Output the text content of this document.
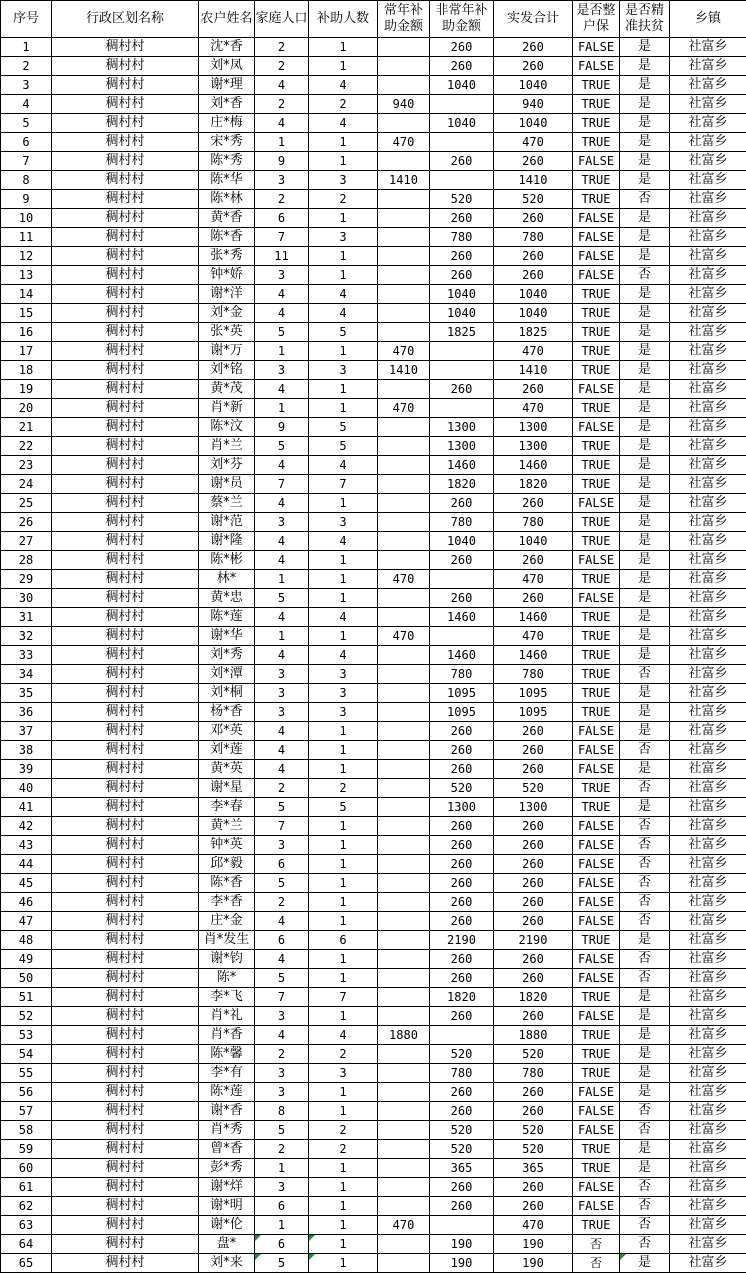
序号	行政区划名称	农户姓名	家庭人口	补助人数	常年补助金额	非常年补助金额	实发合计	是否整户保	是否精准扶贫	乡镇
1	稠村村	沈*香	2	1		260	260	FALSE	是	社富乡
2	稠村村	刘*凤	2	1		260	260	FALSE	是	社富乡
3	稠村村	谢*理	4	4		1040	1040	TRUE	是	社富乡
4	稠村村	刘*香	2	2	940		940	TRUE	是	社富乡
5	稠村村	庄*梅	4	4		1040	1040	TRUE	是	社富乡
6	稠村村	宋*秀	1	1	470		470	TRUE	是	社富乡
7	稠村村	陈*秀	9	1		260	260	FALSE	是	社富乡
8	稠村村	陈*华	3	3	1410		1410	TRUE	是	社富乡
9	稠村村	陈*林	2	2		520	520	TRUE	否	社富乡
10	稠村村	黄*香	6	1		260	260	FALSE	是	社富乡
11	稠村村	陈*香	7	3		780	780	FALSE	是	社富乡
12	稠村村	张*秀	11	1		260	260	FALSE	是	社富乡
13	稠村村	钟*娇	3	1		260	260	FALSE	否	社富乡
14	稠村村	谢*洋	4	4		1040	1040	TRUE	是	社富乡
15	稠村村	刘*金	4	4		1040	1040	TRUE	是	社富乡
16	稠村村	张*英	5	5		1825	1825	TRUE	是	社富乡
17	稠村村	谢*万	1	1	470		470	TRUE	是	社富乡
18	稠村村	刘*铭	3	3	1410		1410	TRUE	是	社富乡
19	稠村村	黄*茂	4	1		260	260	FALSE	是	社富乡
20	稠村村	肖*新	1	1	470		470	TRUE	是	社富乡
21	稠村村	陈*汶	9	5		1300	1300	FALSE	是	社富乡
22	稠村村	肖*兰	5	5		1300	1300	TRUE	是	社富乡
23	稠村村	刘*芬	4	4		1460	1460	TRUE	是	社富乡
24	稠村村	谢*员	7	7		1820	1820	TRUE	是	社富乡
25	稠村村	蔡*兰	4	1		260	260	FALSE	是	社富乡
26	稠村村	谢*范	3	3		780	780	TRUE	是	社富乡
27	稠村村	谢*隆	4	4		1040	1040	TRUE	是	社富乡
28	稠村村	陈*彬	4	1		260	260	FALSE	是	社富乡
29	稠村村	林*	1	1	470		470	TRUE	是	社富乡
30	稠村村	黄*忠	5	1		260	260	FALSE	是	社富乡
31	稠村村	陈*莲	4	4		1460	1460	TRUE	是	社富乡
32	稠村村	谢*华	1	1	470		470	TRUE	是	社富乡
33	稠村村	刘*秀	4	4		1460	1460	TRUE	是	社富乡
34	稠村村	刘*潭	3	3		780	780	TRUE	否	社富乡
35	稠村村	刘*桐	3	3		1095	1095	TRUE	是	社富乡
36	稠村村	杨*香	3	3		1095	1095	TRUE	是	社富乡
37	稠村村	邓*英	4	1		260	260	FALSE	是	社富乡
38	稠村村	刘*莲	4	1		260	260	FALSE	否	社富乡
39	稠村村	黄*英	4	1		260	260	FALSE	是	社富乡
40	稠村村	谢*星	2	2		520	520	TRUE	否	社富乡
41	稠村村	李*春	5	5		1300	1300	TRUE	是	社富乡
42	稠村村	黄*兰	7	1		260	260	FALSE	否	社富乡
43	稠村村	钟*英	3	1		260	260	FALSE	否	社富乡
44	稠村村	邱*毅	6	1		260	260	FALSE	否	社富乡
45	稠村村	陈*香	5	1		260	260	FALSE	否	社富乡
46	稠村村	李*香	2	1		260	260	FALSE	否	社富乡
47	稠村村	庄*金	4	1		260	260	FALSE	否	社富乡
48	稠村村	肖*发生	6	6		2190	2190	TRUE	是	社富乡
49	稠村村	谢*钧	4	1		260	260	FALSE	否	社富乡
50	稠村村	陈*	5	1		260	260	FALSE	否	社富乡
51	稠村村	李*飞	7	7		1820	1820	TRUE	是	社富乡
52	稠村村	肖*礼	3	1		260	260	FALSE	是	社富乡
53	稠村村	肖*香	4	4	1880		1880	TRUE	是	社富乡
54	稠村村	陈*馨	2	2		520	520	TRUE	是	社富乡
55	稠村村	李*有	3	3		780	780	TRUE	是	社富乡
56	稠村村	陈*莲	3	1		260	260	FALSE	是	社富乡
57	稠村村	谢*香	8	1		260	260	FALSE	否	社富乡
58	稠村村	肖*秀	5	2		520	520	FALSE	否	社富乡
59	稠村村	曾*香	2	2		520	520	TRUE	是	社富乡
60	稠村村	彭*秀	1	1		365	365	TRUE	是	社富乡
61	稠村村	谢*烊	3	1		260	260	FALSE	否	社富乡
62	稠村村	谢*明	6	1		260	260	FALSE	否	社富乡
63	稠村村	谢*伦	1	1	470		470	TRUE	否	社富乡
64	稠村村	盘*	6	1		190	190	否	否	社富乡
65	稠村村	刘*来	5	1		190	190	否	是	社富乡
